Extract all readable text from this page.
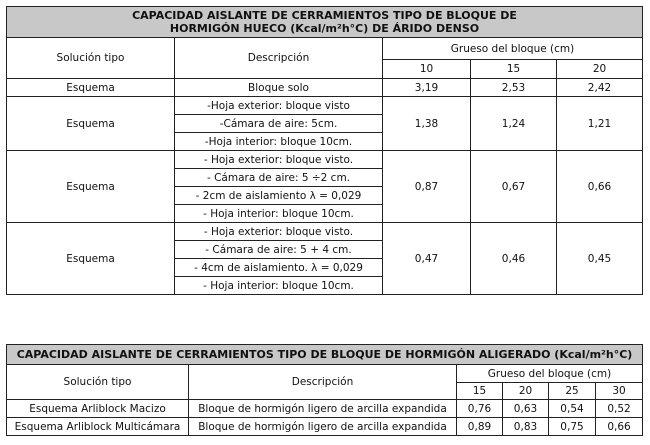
CAPACIDAD AISLANTE DE CERRAMIENTOS TIPO DE BLOQUE DE
HORMIGÓN HUECO (Kcal/m²h°C) DE ÁRIDO DENSO				

Solución tipo	Descripción	Grueso del bloque (cm)		
		10	15	20
Esquema	Bloque solo	3,19	2,53	2,42
Esquema	-Hoja exterior: bloque visto	1,38	1,24	1,21
	-Cámara de aire: 5cm.			
	-Hoja interior: bloque 10cm.			
Esquema	- Hoja exterior: bloque visto.	0,87	0,67	0,66
	- Cámara de aire: 5 ÷2 cm.			
	- 2cm de aislamiento λ = 0,029			
	- Hoja interior: bloque 10cm.			
Esquema	- Hoja exterior: bloque visto.	0,47	0,46	0,45
	- Cámara de aire: 5 + 4 cm.			
	- 4cm de aislamiento. λ = 0,029			
	- Hoja interior: bloque 10cm.			
CAPACIDAD AISLANTE DE CERRAMIENTOS TIPO DE BLOQUE DE HORMIGÓN ALIGERADO (Kcal/m²h°C)					
Solución tipo	Descripción	Grueso del bloque (cm)			
		15	20	25	30
Esquema Arliblock Macizo	Bloque de hormigón ligero de arcilla expandida	0,76	0,63	0,54	0,52
Esquema Arliblock Multicámara	Bloque de hormigón ligero de arcilla expandida	0,89	0,83	0,75	0,66
